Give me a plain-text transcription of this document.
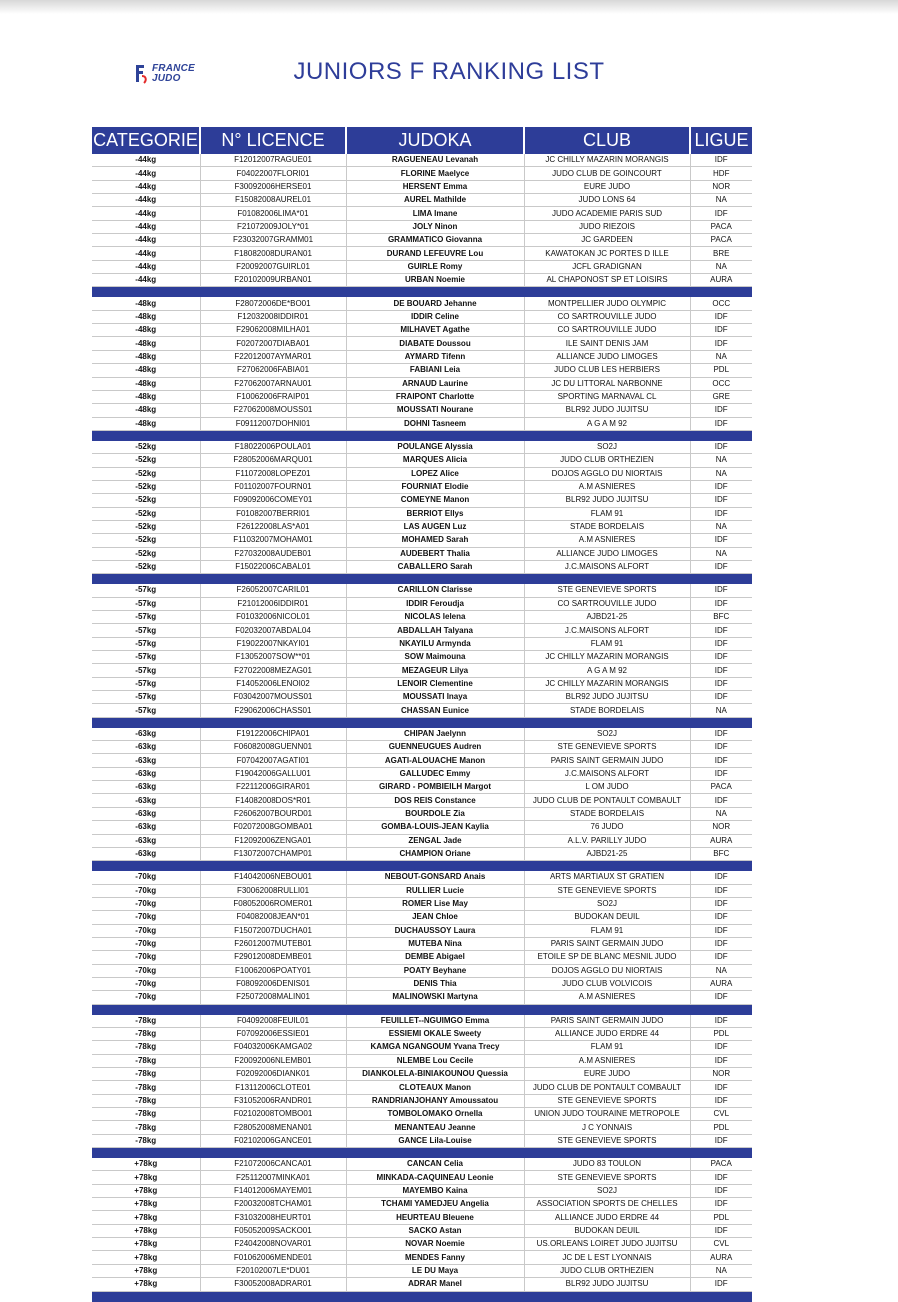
FRANCE
JUDO	JUNIORS F RANKING LIST
CATEGORIE	N° LICENCE	JUDOKA	CLUB	LIGUE
-44kg	F12012007RAGUE01	RAGUENEAU Levanah	JC CHILLY MAZARIN MORANGIS	IDF
-44kg	F04022007FLORI01	FLORINE Maelyce	JUDO CLUB DE GOINCOURT	HDF
-44kg	F30092006HERSE01	HERSENT Emma	EURE JUDO	NOR
-44kg	F15082008AUREL01	AUREL Mathilde	JUDO LONS 64	NA
-44kg	F01082006LIMA*01	LIMA Imane	JUDO ACADEMIE PARIS SUD	IDF
-44kg	F21072009JOLY*01	JOLY Ninon	JUDO RIEZOIS	PACA
-44kg	F23032007GRAMM01	GRAMMATICO Giovanna	JC GARDEEN	PACA
-44kg	F18082008DURAN01	DURAND LEFEUVRE Lou	KAWATOKAN JC PORTES D ILLE	BRE
-44kg	F20092007GUIRL01	GUIRLE Romy	JCFL GRADIGNAN	NA
-44kg	F20102009URBAN01	URBAN Noemie	AL CHAPONOST SP ET LOISIRS	AURA

-48kg	F28072006DE*BO01	DE BOUARD Jehanne	MONTPELLIER JUDO OLYMPIC	OCC
-48kg	F12032008IDDIR01	IDDIR Celine	CO SARTROUVILLE JUDO	IDF
-48kg	F29062008MILHA01	MILHAVET Agathe	CO SARTROUVILLE JUDO	IDF
-48kg	F02072007DIABA01	DIABATE Doussou	ILE SAINT DENIS JAM	IDF
-48kg	F22012007AYMAR01	AYMARD Tifenn	ALLIANCE JUDO LIMOGES	NA
-48kg	F27062006FABIA01	FABIANI Leia	JUDO CLUB LES HERBIERS	PDL
-48kg	F27062007ARNAU01	ARNAUD Laurine	JC DU LITTORAL NARBONNE	OCC
-48kg	F10062006FRAIP01	FRAIPONT Charlotte	SPORTING MARNAVAL CL	GRE
-48kg	F27062008MOUSS01	MOUSSATI Nourane	BLR92 JUDO JUJITSU	IDF
-48kg	F09112007DOHNI01	DOHNI Tasneem	A G A M 92	IDF

-52kg	F18022006POULA01	POULANGE Alyssia	SO2J	IDF
-52kg	F28052006MARQU01	MARQUES Alicia	JUDO CLUB ORTHEZIEN	NA
-52kg	F11072008LOPEZ01	LOPEZ Alice	DOJOS AGGLO DU NIORTAIS	NA
-52kg	F01102007FOURN01	FOURNIAT Elodie	A.M ASNIERES	IDF
-52kg	F09092006COMEY01	COMEYNE Manon	BLR92 JUDO JUJITSU	IDF
-52kg	F01082007BERRI01	BERRIOT Ellys	FLAM 91	IDF
-52kg	F26122008LAS*A01	LAS AUGEN Luz	STADE BORDELAIS	NA
-52kg	F11032007MOHAM01	MOHAMED Sarah	A.M ASNIERES	IDF
-52kg	F27032008AUDEB01	AUDEBERT Thalia	ALLIANCE JUDO LIMOGES	NA
-52kg	F15022006CABAL01	CABALLERO Sarah	J.C.MAISONS ALFORT	IDF

-57kg	F26052007CARIL01	CARILLON Clarisse	STE GENEVIEVE SPORTS	IDF
-57kg	F21012006IDDIR01	IDDIR Feroudja	CO SARTROUVILLE JUDO	IDF
-57kg	F01032006NICOL01	NICOLAS Ielena	AJBD21-25	BFC
-57kg	F02032007ABDAL04	ABDALLAH Talyana	J.C.MAISONS ALFORT	IDF
-57kg	F19022007NKAYI01	NKAYILU Armynda	FLAM 91	IDF
-57kg	F13052007SOW**01	SOW Maimouna	JC CHILLY MAZARIN MORANGIS	IDF
-57kg	F27022008MEZAG01	MEZAGEUR Lilya	A G A M 92	IDF
-57kg	F14052006LENOI02	LENOIR Clementine	JC CHILLY MAZARIN MORANGIS	IDF
-57kg	F03042007MOUSS01	MOUSSATI Inaya	BLR92 JUDO JUJITSU	IDF
-57kg	F29062006CHASS01	CHASSAN Eunice	STADE BORDELAIS	NA

-63kg	F19122006CHIPA01	CHIPAN Jaelynn	SO2J	IDF
-63kg	F06082008GUENN01	GUENNEUGUES Audren	STE GENEVIEVE SPORTS	IDF
-63kg	F07042007AGATI01	AGATI-ALOUACHE Manon	PARIS SAINT GERMAIN JUDO	IDF
-63kg	F19042006GALLU01	GALLUDEC Emmy	J.C.MAISONS ALFORT	IDF
-63kg	F22112006GIRAR01	GIRARD - POMBIEILH Margot	L OM JUDO	PACA
-63kg	F14082008DOS*R01	DOS REIS Constance	JUDO CLUB DE PONTAULT COMBAULT	IDF
-63kg	F26062007BOURD01	BOURDOLE Zia	STADE BORDELAIS	NA
-63kg	F02072008GOMBA01	GOMBA-LOUIS-JEAN Kaylia	76 JUDO	NOR
-63kg	F12092006ZENGA01	ZENGAL Jade	A.L.V. PARILLY JUDO	AURA
-63kg	F13072007CHAMP01	CHAMPION Oriane	AJBD21-25	BFC

-70kg	F14042006NEBOU01	NEBOUT-GONSARD Anais	ARTS MARTIAUX ST GRATIEN	IDF
-70kg	F30062008RULLI01	RULLIER Lucie	STE GENEVIEVE SPORTS	IDF
-70kg	F08052006ROMER01	ROMER Lise May	SO2J	IDF
-70kg	F04082008JEAN*01	JEAN Chloe	BUDOKAN DEUIL	IDF
-70kg	F15072007DUCHA01	DUCHAUSSOY Laura	FLAM 91	IDF
-70kg	F26012007MUTEB01	MUTEBA Nina	PARIS SAINT GERMAIN JUDO	IDF
-70kg	F29012008DEMBE01	DEMBE Abigael	ETOILE SP DE BLANC MESNIL JUDO	IDF
-70kg	F10062006POATY01	POATY Beyhane	DOJOS AGGLO DU NIORTAIS	NA
-70kg	F08092006DENIS01	DENIS Thia	JUDO CLUB VOLVICOIS	AURA
-70kg	F25072008MALIN01	MALINOWSKI Martyna	A.M ASNIERES	IDF

-78kg	F04092008FEUIL01	FEUILLET--NGUIMGO Emma	PARIS SAINT GERMAIN JUDO	IDF
-78kg	F07092006ESSIE01	ESSIEMI OKALE Sweety	ALLIANCE JUDO ERDRE 44	PDL
-78kg	F04032006KAMGA02	KAMGA NGANGOUM Yvana Trecy	FLAM 91	IDF
-78kg	F20092006NLEMB01	NLEMBE Lou Cecile	A.M ASNIERES	IDF
-78kg	F02092006DIANK01	DIANKOLELA-BINIAKOUNOU Quessia	EURE JUDO	NOR
-78kg	F13112006CLOTE01	CLOTEAUX Manon	JUDO CLUB DE PONTAULT COMBAULT	IDF
-78kg	F31052006RANDR01	RANDRIANJOHANY Amoussatou	STE GENEVIEVE SPORTS	IDF
-78kg	F02102008TOMBO01	TOMBOLOMAKO Ornella	UNION JUDO TOURAINE METROPOLE	CVL
-78kg	F28052008MENAN01	MENANTEAU Jeanne	J C YONNAIS	PDL
-78kg	F02102006GANCE01	GANCE Lila-Louise	STE GENEVIEVE SPORTS	IDF

+78kg	F21072006CANCA01	CANCAN Celia	JUDO 83 TOULON	PACA
+78kg	F25112007MINKA01	MINKADA-CAQUINEAU Leonie	STE GENEVIEVE SPORTS	IDF
+78kg	F14012006MAYEM01	MAYEMBO Kaina	SO2J	IDF
+78kg	F20032008TCHAM01	TCHAMI YAMEDJEU Angelia	ASSOCIATION SPORTS DE CHELLES	IDF
+78kg	F31032008HEURT01	HEURTEAU Bleuene	ALLIANCE JUDO ERDRE 44	PDL
+78kg	F05052009SACKO01	SACKO Astan	BUDOKAN DEUIL	IDF
+78kg	F24042008NOVAR01	NOVAR Noemie	US.ORLEANS LOIRET JUDO JUJITSU	CVL
+78kg	F01062006MENDE01	MENDES Fanny	JC DE L EST LYONNAIS	AURA
+78kg	F20102007LE*DU01	LE DU Maya	JUDO CLUB ORTHEZIEN	NA
+78kg	F30052008ADRAR01	ADRAR Manel	BLR92 JUDO JUJITSU	IDF
